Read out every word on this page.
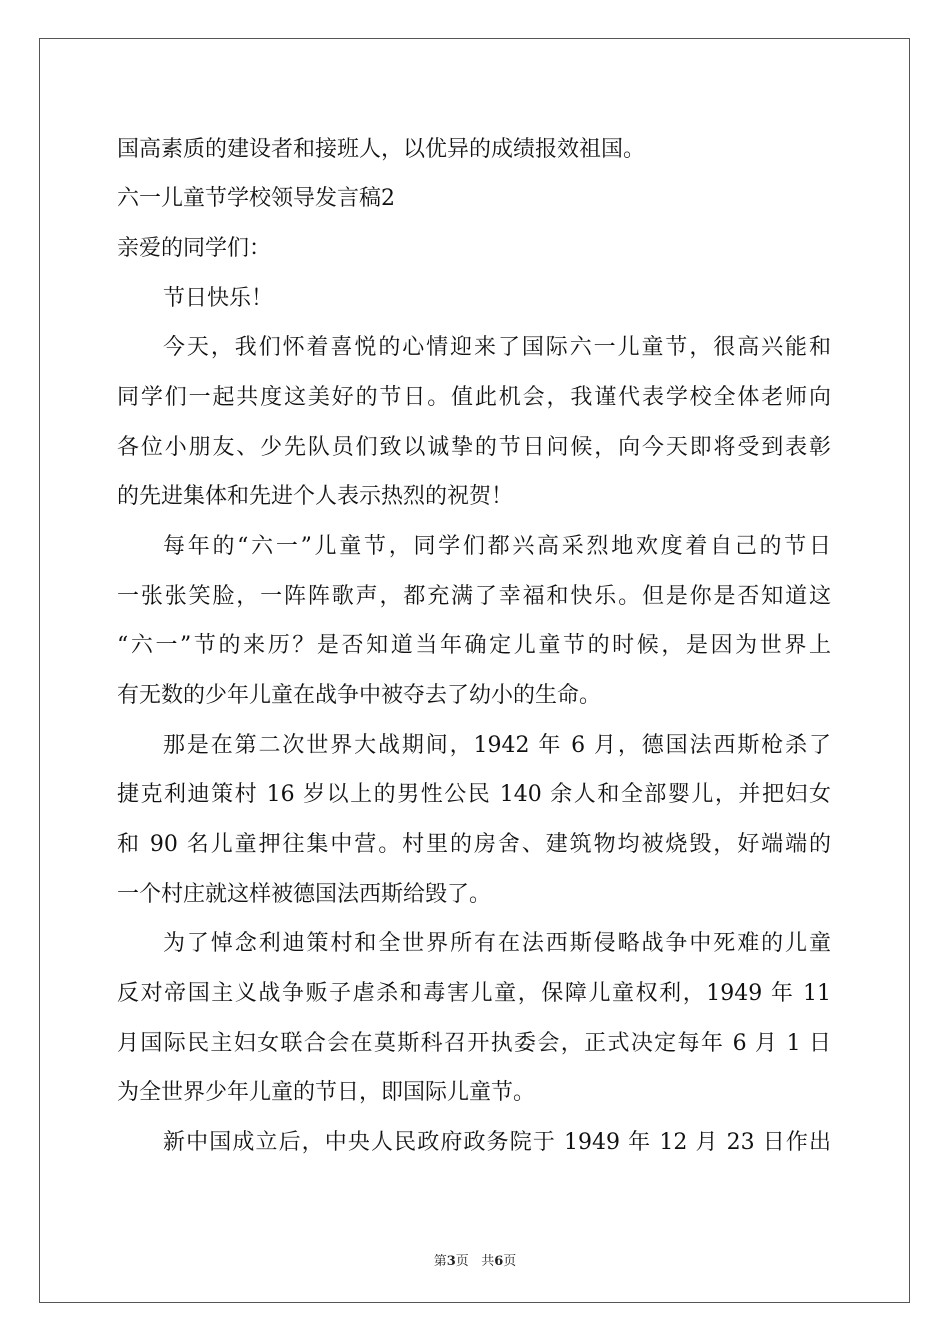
国高素质的建设者和接班人，以优异的成绩报效祖国。

六一儿童节学校领导发言稿2

亲爱的同学们：

节日快乐！

今天，我们怀着喜悦的心情迎来了国际六一儿童节，很高兴能和

同学们一起共度这美好的节日。值此机会，我谨代表学校全体老师向

各位小朋友、少先队员们致以诚挚的节日问候，向今天即将受到表彰

的先进集体和先进个人表示热烈的祝贺！

每年的“六一”儿童节，同学们都兴高采烈地欢度着自己的节日

一张张笑脸，一阵阵歌声，都充满了幸福和快乐。但是你是否知道这

“六一”节的来历？是否知道当年确定儿童节的时候，是因为世界上

有无数的少年儿童在战争中被夺去了幼小的生命。

那是在第二次世界大战期间，1942 年 6 月，德国法西斯枪杀了

捷克利迪策村 16 岁以上的男性公民 140 余人和全部婴儿，并把妇女

和 90 名儿童押往集中营。村里的房舍、建筑物均被烧毁，好端端的

一个村庄就这样被德国法西斯给毁了。

为了悼念利迪策村和全世界所有在法西斯侵略战争中死难的儿童

反对帝国主义战争贩子虐杀和毒害儿童，保障儿童权利，1949 年 11

月国际民主妇女联合会在莫斯科召开执委会，正式决定每年 6 月 1 日

为全世界少年儿童的节日，即国际儿童节。

新中国成立后，中央人民政府政务院于 1949 年 12 月 23 日作出

第3页 共6页
